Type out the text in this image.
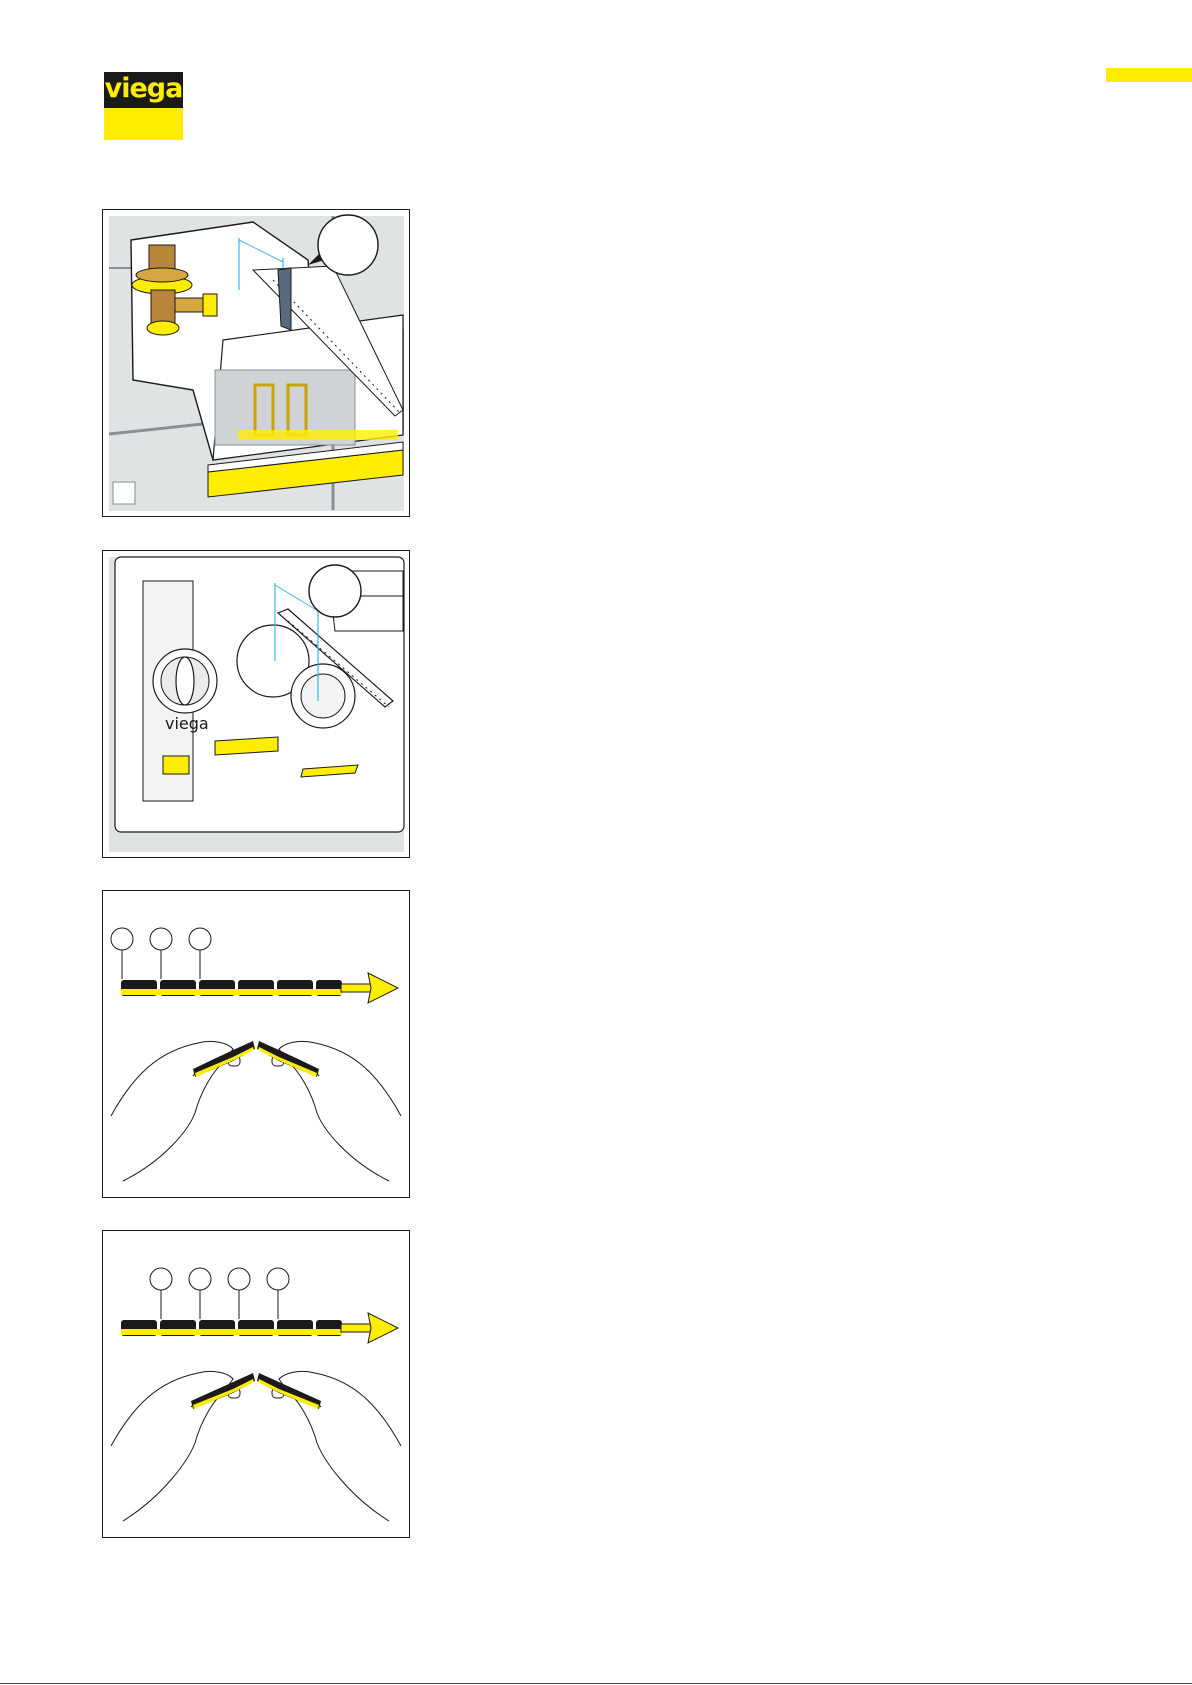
viega
viega
